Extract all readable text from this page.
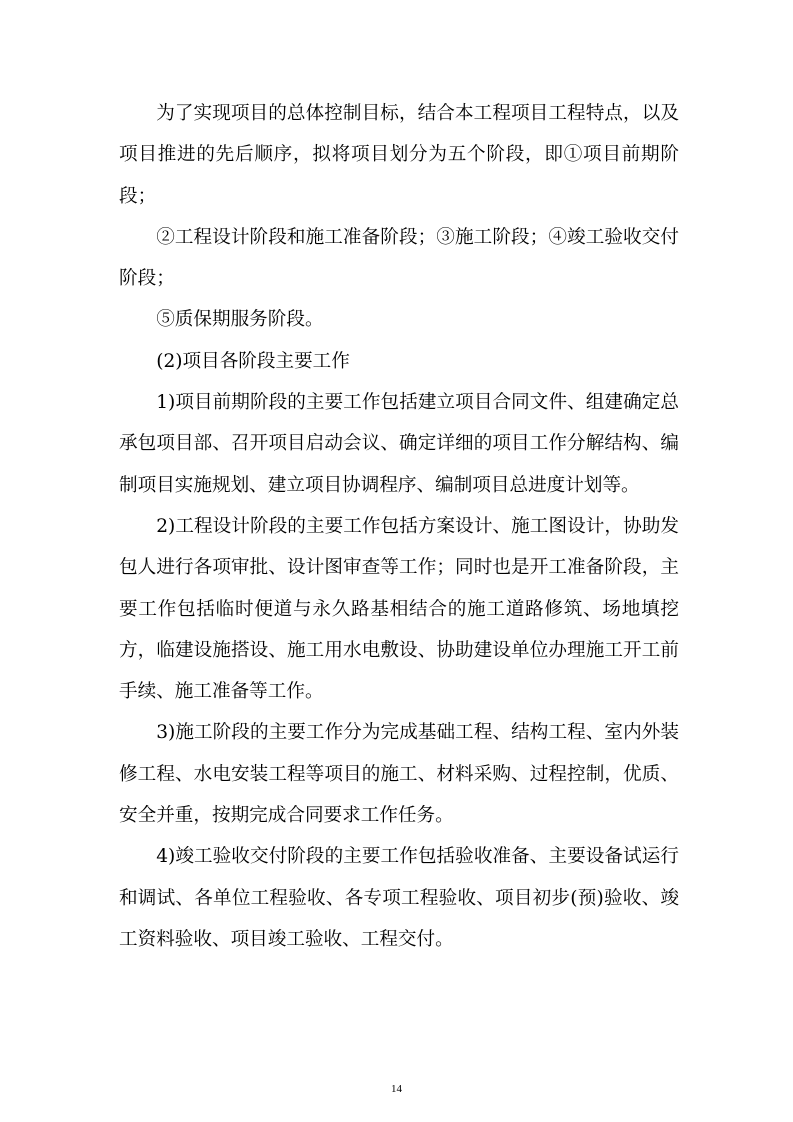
为了实现项目的总体控制目标，结合本工程项目工程特点，以及项目推进的先后顺序，拟将项目划分为五个阶段，即①项目前期阶段；

②工程设计阶段和施工准备阶段；③施工阶段；④竣工验收交付阶段；

⑤质保期服务阶段。

(2)项目各阶段主要工作

1)项目前期阶段的主要工作包括建立项目合同文件、组建确定总承包项目部、召开项目启动会议、确定详细的项目工作分解结构、编制项目实施规划、建立项目协调程序、编制项目总进度计划等。

2)工程设计阶段的主要工作包括方案设计、施工图设计，协助发包人进行各项审批、设计图审查等工作；同时也是开工准备阶段，主要工作包括临时便道与永久路基相结合的施工道路修筑、场地填挖方，临建设施搭设、施工用水电敷设、协助建设单位办理施工开工前手续、施工准备等工作。

3)施工阶段的主要工作分为完成基础工程、结构工程、室内外装修工程、水电安装工程等项目的施工、材料采购、过程控制，优质、安全并重，按期完成合同要求工作任务。

4)竣工验收交付阶段的主要工作包括验收准备、主要设备试运行和调试、各单位工程验收、各专项工程验收、项目初步(预)验收、竣工资料验收、项目竣工验收、工程交付。

14
